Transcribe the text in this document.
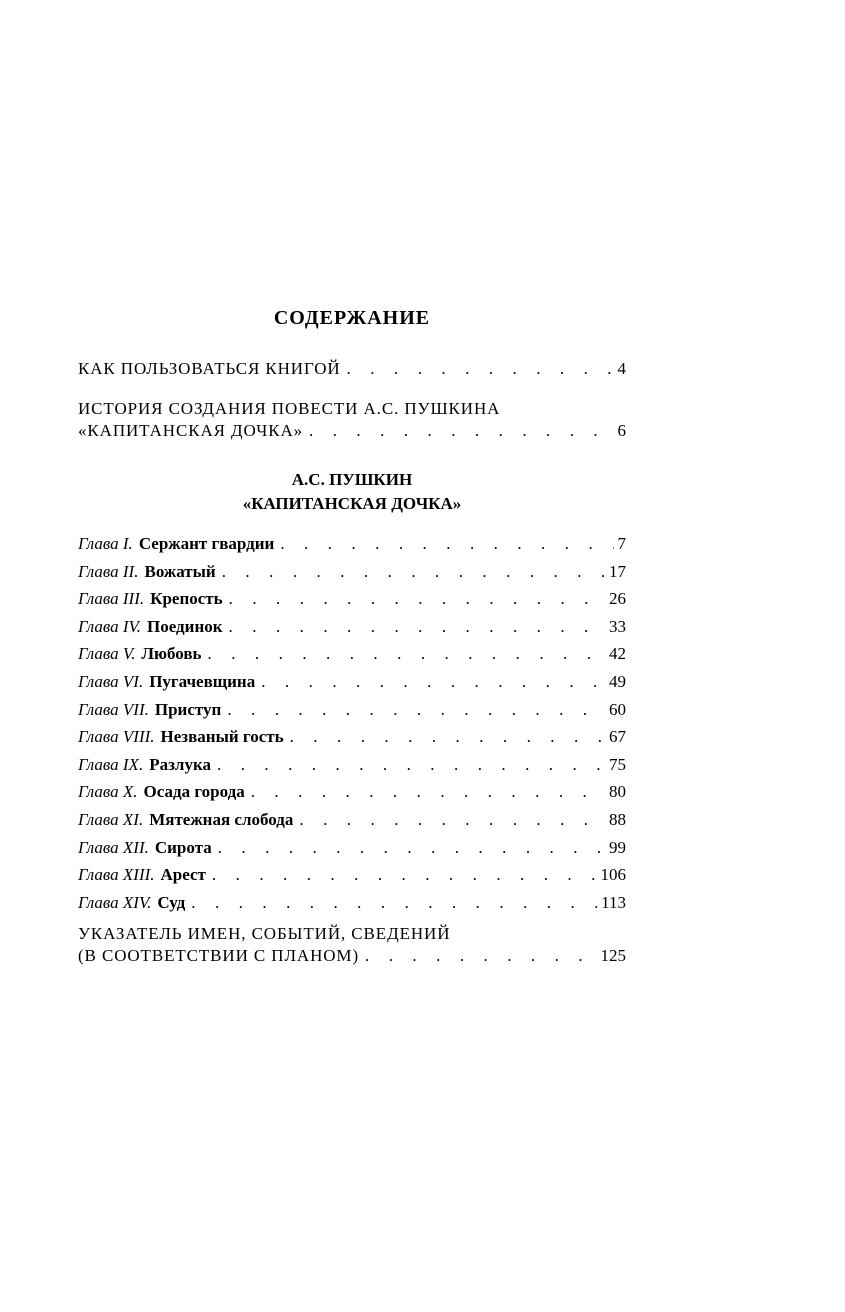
СОДЕРЖАНИЕ
КАК ПОЛЬЗОВАТЬСЯ КНИГОЙ . . .	4
ИСТОРИЯ СОЗДАНИЯ ПОВЕСТИ А.С. ПУШКИНА
«КАПИТАНСКАЯ ДОЧКА» . . .	6
А.С. ПУШКИН
«КАПИТАНСКАЯ ДОЧКА»
Глава I. Сержант гвардии . . .	7
Глава II. Вожатый . . .	17
Глава III. Крепость . . .	26
Глава IV. Поединок . . .	33
Глава V. Любовь . . .	42
Глава VI. Пугачевщина . . .	49
Глава VII. Приступ . . .	60
Глава VIII. Незваный гость . . .	67
Глава IX. Разлука . . .	75
Глава X. Осада города . . .	80
Глава XI. Мятежная слобода . . .	88
Глава XII. Сирота . . .	99
Глава XIII. Арест . . .	106
Глава XIV. Суд . . .	113
УКАЗАТЕЛЬ ИМЕН, СОБЫТИЙ, СВЕДЕНИЙ
(В СООТВЕТСТВИИ С ПЛАНОМ) . . .	125
